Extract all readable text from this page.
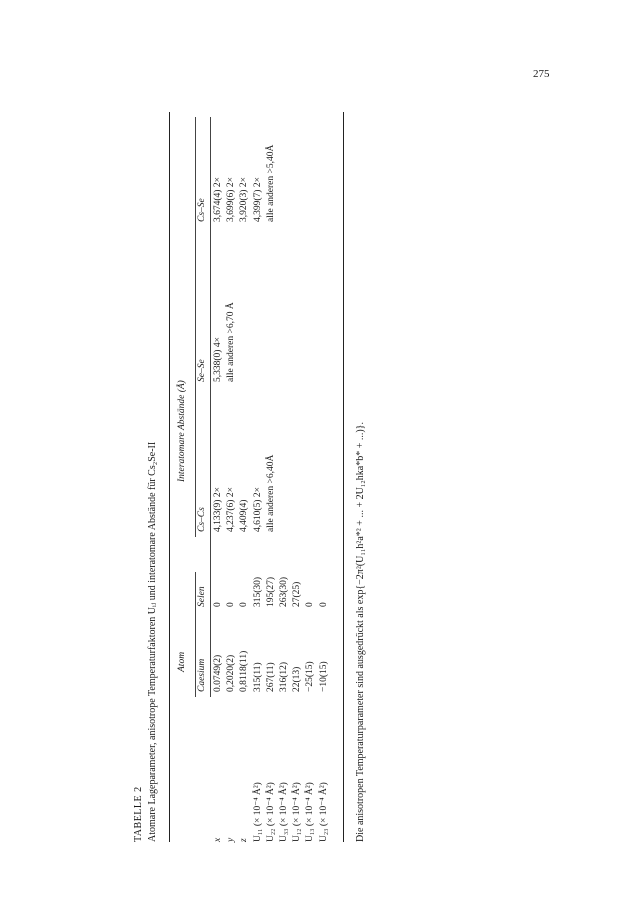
275
TABELLE 2 Atomare Lageparameter, anisotrope Temperaturfaktoren Uᵢⱼ und interatomare Abstände für Cs₂Se-II Atom
Interatomare Abstände (Å)
Caesium
Selen
Cs–Cs
Se–Se
Cs–Se
x y z U₁₁ (× 10⁻⁴ Å²) U₂₂ (× 10⁻⁴ Å²) U₃₃ (× 10⁻⁴ Å²) U₁₂ (× 10⁻⁴ Å²) U₁₃ (× 10⁻⁴ Å²) U₂₃ (× 10⁻⁴ Å²)
0.0749(2) 0,2020(2) 0,8118(11) 315(11) 267(11) 316(12) 22(13) −25(15) −10(15)
0 0 0 315(30) 195(27) 263(30) 27(25) 0 0
4,133(9) 2× 4,237(6) 2× 4,409(4) 4,610(5) 2× alle anderen >6,40Å
5,338(0) 4× alle anderen >6,70 Å
3,674(4) 2× 3,699(6) 2× 3,920(3) 2× 4,399(7) 2× alle anderen >5,40Å
Die anisotropen Temperaturparameter sind ausgedrückt als exp{−2π²(U₁₁h²a*² + ... + 2U₁₂hka*b* + ...)}.
